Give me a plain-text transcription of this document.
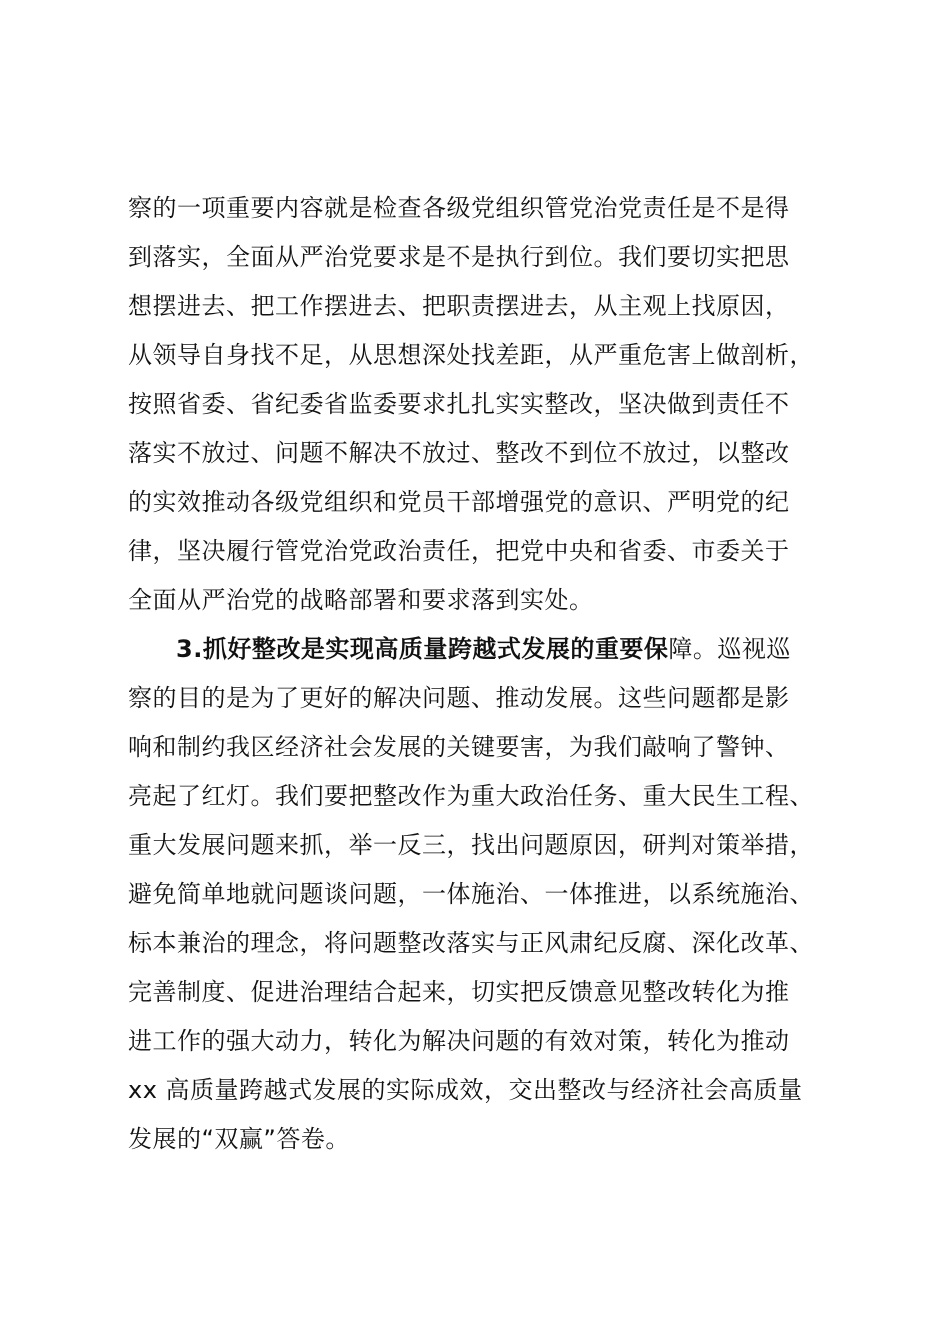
察的一项重要内容就是检查各级党组织管党治党责任是不是得
到落实，全面从严治党要求是不是执行到位。我们要切实把思
想摆进去、把工作摆进去、把职责摆进去，从主观上找原因，
从领导自身找不足，从思想深处找差距，从严重危害上做剖析，
按照省委、省纪委省监委要求扎扎实实整改，坚决做到责任不
落实不放过、问题不解决不放过、整改不到位不放过，以整改
的实效推动各级党组织和党员干部增强党的意识、严明党的纪
律，坚决履行管党治党政治责任，把党中央和省委、市委关于
全面从严治党的战略部署和要求落到实处。
3.抓好整改是实现高质量跨越式发展的重要保障。巡视巡
察的目的是为了更好的解决问题、推动发展。这些问题都是影
响和制约我区经济社会发展的关键要害，为我们敲响了警钟、
亮起了红灯。我们要把整改作为重大政治任务、重大民生工程、
重大发展问题来抓，举一反三，找出问题原因，研判对策举措，
避免简单地就问题谈问题，一体施治、一体推进，以系统施治、
标本兼治的理念，将问题整改落实与正风肃纪反腐、深化改革、
完善制度、促进治理结合起来，切实把反馈意见整改转化为推
进工作的强大动力，转化为解决问题的有效对策，转化为推动
xx 高质量跨越式发展的实际成效，交出整改与经济社会高质量
发展的“双赢”答卷。
